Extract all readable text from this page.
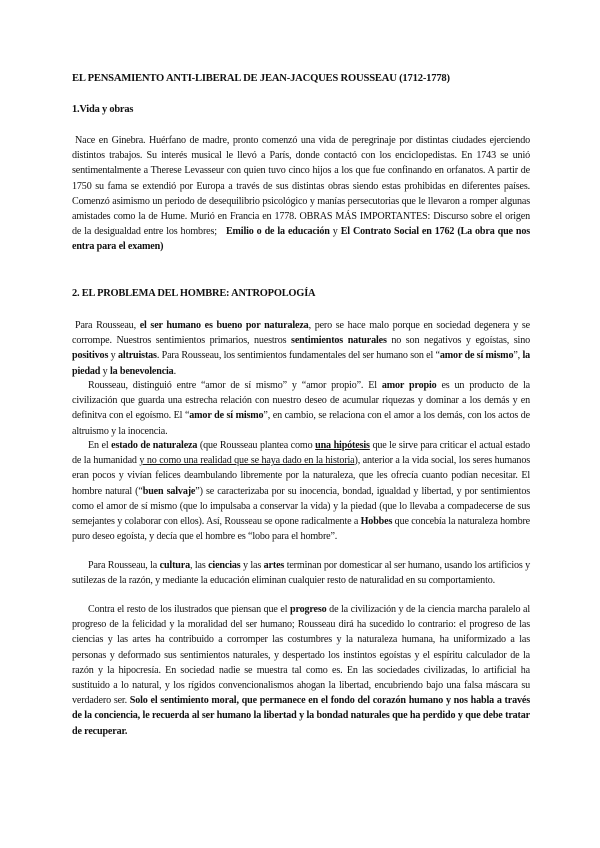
EL PENSAMIENTO ANTI-LIBERAL DE JEAN-JACQUES ROUSSEAU (1712-1778)
1.Vida y obras
Nace en Ginebra. Huérfano de madre, pronto comenzó una vida de peregrinaje por distintas ciudades ejerciendo distintos trabajos. Su interés musical le llevó a París, donde contactó con los enciclopedistas. En 1743 se unió sentimentalmente a Therese Levasseur con quien tuvo cinco hijos a los que fue confinando en orfanatos. A partir de 1750 su fama se extendió por Europa a través de sus distintas obras siendo estas prohibidas en diferentes países. Comenzó asimismo un periodo de desequilibrio psicológico y manías persecutorias que le llevaron a romper algunas amistades como la de Hume. Murió en Francia en 1778. OBRAS MÁS IMPORTANTES: Discurso sobre el origen de la desigualdad entre los hombres; Emilio o de la educación y El Contrato Social en 1762 (La obra que nos entra para el examen)
2. EL PROBLEMA DEL HOMBRE: ANTROPOLOGÍA
Para Rousseau, el ser humano es bueno por naturaleza, pero se hace malo porque en sociedad degenera y se corrompe. Nuestros sentimientos primarios, nuestros sentimientos naturales no son negativos y egoístas, sino positivos y altruistas. Para Rousseau, los sentimientos fundamentales del ser humano son el “amor de sí mismo”, la piedad y la benevolencia.
Rousseau, distinguió entre “amor de sí mismo” y “amor propio”. El amor propio es un producto de la civilización que guarda una estrecha relación con nuestro deseo de acumular riquezas y dominar a los demás y en definitva con el egoísmo. El “amor de sí mismo”, en cambio, se relaciona con el amor a los demás, con los actos de altruismo y la inocencia.
En el estado de naturaleza (que Rousseau plantea como una hipótesis que le sirve para criticar el actual estado de la humanidad y no como una realidad que se haya dado en la historia), anterior a la vida social, los seres humanos eran pocos y vivían felices deambulando libremente por la naturaleza, que les ofrecía cuanto podían necesitar. El hombre natural (“buen salvaje”) se caracterizaba por su inocencia, bondad, igualdad y libertad, y por sentimientos como el amor de sí mismo (que lo impulsaba a conservar la vida) y la piedad (que lo llevaba a compadecerse de sus semejantes y colaborar con ellos). Así, Rousseau se opone radicalmente a Hobbes que concebía la naturaleza hombre puro deseo egoísta, y decía que el hombre es “lobo para el hombre”.
Para Rousseau, la cultura, las ciencias y las artes terminan por domesticar al ser humano, usando los artificios y sutilezas de la razón, y mediante la educación eliminan cualquier resto de naturalidad en su comportamiento.
Contra el resto de los ilustrados que piensan que el progreso de la civilización y de la ciencia marcha paralelo al progreso de la felicidad y la moralidad del ser humano; Rousseau dirá ha sucedido lo contrario: el progreso de las ciencias y las artes ha contribuido a corromper las costumbres y la naturaleza humana, ha uniformizado a las personas y deformado sus sentimientos naturales, y despertado los instintos egoístas y el espíritu calculador de la razón y la hipocresía. En sociedad nadie se muestra tal como es. En las sociedades civilizadas, lo artificial ha sustituido a lo natural, y los rígidos convencionalismos ahogan la libertad, encubriendo bajo una falsa máscara su verdadero ser. Solo el sentimiento moral, que permanece en el fondo del corazón humano y nos habla a través de la conciencia, le recuerda al ser humano la libertad y la bondad naturales que ha perdido y que debe tratar de recuperar.
